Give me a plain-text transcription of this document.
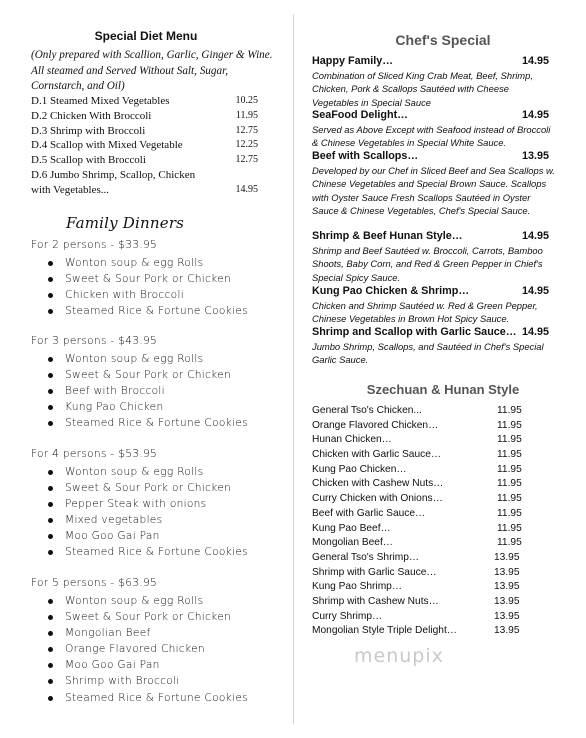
Special Diet Menu
(Only prepared with Scallion, Garlic, Ginger & Wine. All steamed and Served Without Salt, Sugar, Cornstarch, and Oil)
D.1 Steamed Mixed Vegetables	10.25
D.2 Chicken With Broccoli	11.95
D.3 Shrimp with Broccoli	12.75
D.4 Scallop with Mixed Vegetable	12.25
D.5 Scallop with Broccoli	12.75
D.6 Jumbo Shrimp, Scallop, Chicken with Vegetables...	14.95
Family Dinners
For 2 persons - $33.95
Wonton soup & egg Rolls
Sweet & Sour Pork or Chicken
Chicken with Broccoli
Steamed Rice & Fortune Cookies
For 3 persons - $43.95
Wonton soup & egg Rolls
Sweet & Sour Pork or Chicken
Beef with Broccoli
Kung Pao Chicken
Steamed Rice & Fortune Cookies
For 4 persons - $53.95
Wonton soup & egg Rolls
Sweet & Sour Pork or Chicken
Pepper Steak with onions
Mixed vegetables
Moo Goo Gai Pan
Steamed Rice & Fortune Cookies
For 5 persons - $63.95
Wonton soup & egg Rolls
Sweet & Sour Pork or Chicken
Mongolian Beef
Orange Flavored Chicken
Moo Goo Gai Pan
Shrimp with Broccoli
Steamed Rice & Fortune Cookies
Chef's Special
Happy Family…	14.95
Combination of Sliced King Crab Meat, Beef, Shrimp, Chicken, Pork & Scallops Sautéed with Cheese Vegetables in Special Sauce
SeaFood Delight…	14.95
Served as Above Except with Seafood instead of Broccoli & Chinese Vegetables in Special White Sauce.
Beef with Scallops…	13.95
Developed by our Chef in Sliced Beef and Sea Scallops w. Chinese Vegetables and Special Brown Sauce. Scallops with Oyster Sauce Fresh Scallops Sautéed in Oyster Sauce & Chinese Vegetables, Chef's Special Sauce.
Shrimp & Beef Hunan Style…	14.95
Shrimp and Beef Sautéed w. Broccoli, Carrots, Bamboo Shoots, Baby Corn, and Red & Green Pepper in Chief's Special Spicy Sauce.
Kung Pao Chicken & Shrimp…	14.95
Chicken and Shrimp Sautéed w. Red & Green Pepper, Chinese Vegetables in Brown Hot Spicy Sauce.
Shrimp and Scallop with Garlic Sauce… 14.95
Jumbo Shrimp, Scallops, and Sautéed in Chef's Special Garlic Sauce.
Szechuan & Hunan Style
General Tso's Chicken...	11.95
Orange Flavored Chicken…	11.95
Hunan Chicken…	11.95
Chicken with Garlic Sauce…	11.95
Kung Pao Chicken…	11.95
Chicken with Cashew Nuts…	11.95
Curry Chicken with Onions…	11.95
Beef with Garlic Sauce…	11.95
Kung Pao Beef…	11.95
Mongolian Beef…	11.95
General Tso's Shrimp…	13.95
Shrimp with Garlic Sauce…	13.95
Kung Pao Shrimp…	13.95
Shrimp with Cashew Nuts…	13.95
Curry Shrimp…	13.95
Mongolian Style Triple Delight…	13.95
menupix
